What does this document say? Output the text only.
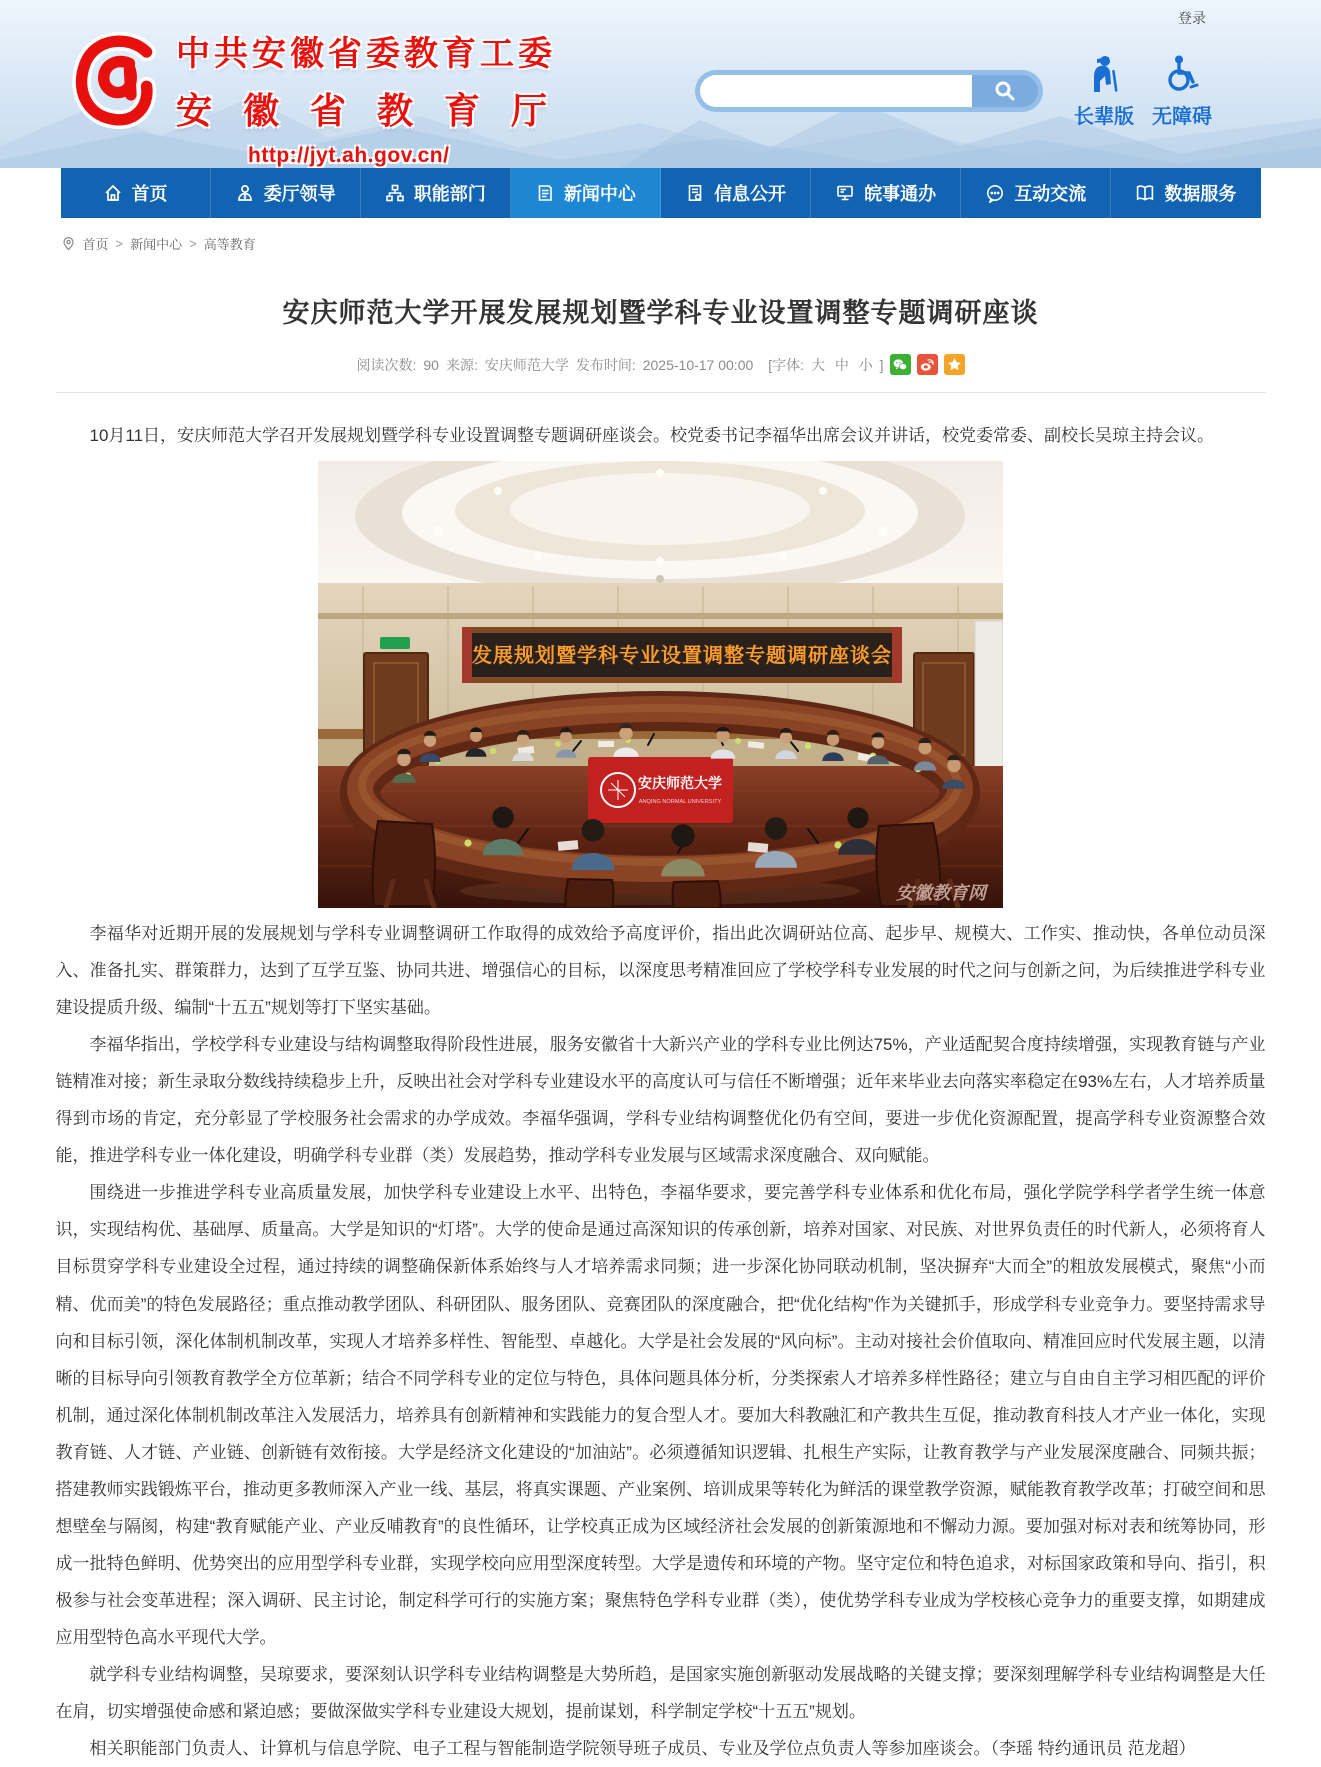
登录
中共安徽省委教育工委
安徽省教育厅
http://jyt.ah.gov.cn/
长辈版 无障碍
首页	委厅领导	职能部门	新闻中心	信息公开	皖事通办	互动交流	数据服务
首页 > 新闻中心 > 高等教育
安庆师范大学开展发展规划暨学科专业设置调整专题调研座谈
阅读次数: 90 来源: 安庆师范大学 发布时间: 2025-10-17 00:00 [字体: 大 中 小 ]

10月11日，安庆师范大学召开发展规划暨学科专业设置调整专题调研座谈会。校党委书记李福华出席会议并讲话，校党委常委、副校长吴琼主持会议。

发展规划暨学科专业设置调整专题调研座谈会
安庆师范大学
ANQING NORMAL UNIVERSITY
安徽教育网

李福华对近期开展的发展规划与学科专业调整调研工作取得的成效给予高度评价，指出此次调研站位高、起步早、规模大、工作实、推动快，各单位动员深入、准备扎实、群策群力，达到了互学互鉴、协同共进、增强信心的目标，以深度思考精准回应了学校学科专业发展的时代之问与创新之问，为后续推进学科专业建设提质升级、编制“十五五”规划等打下坚实基础。

李福华指出，学校学科专业建设与结构调整取得阶段性进展，服务安徽省十大新兴产业的学科专业比例达75%，产业适配契合度持续增强，实现教育链与产业链精准对接；新生录取分数线持续稳步上升，反映出社会对学科专业建设水平的高度认可与信任不断增强；近年来毕业去向落实率稳定在93%左右，人才培养质量得到市场的肯定，充分彰显了学校服务社会需求的办学成效。李福华强调，学科专业结构调整优化仍有空间，要进一步优化资源配置，提高学科专业资源整合效能，推进学科专业一体化建设，明确学科专业群（类）发展趋势，推动学科专业发展与区域需求深度融合、双向赋能。

围绕进一步推进学科专业高质量发展，加快学科专业建设上水平、出特色，李福华要求，要完善学科专业体系和优化布局，强化学院学科学者学生统一体意识，实现结构优、基础厚、质量高。大学是知识的“灯塔”。大学的使命是通过高深知识的传承创新，培养对国家、对民族、对世界负责任的时代新人，必须将育人目标贯穿学科专业建设全过程，通过持续的调整确保新体系始终与人才培养需求同频；进一步深化协同联动机制，坚决摒弃“大而全”的粗放发展模式，聚焦“小而精、优而美”的特色发展路径；重点推动教学团队、科研团队、服务团队、竞赛团队的深度融合，把“优化结构”作为关键抓手，形成学科专业竞争力。要坚持需求导向和目标引领，深化体制机制改革，实现人才培养多样性、智能型、卓越化。大学是社会发展的“风向标”。主动对接社会价值取向、精准回应时代发展主题，以清晰的目标导向引领教育教学全方位革新；结合不同学科专业的定位与特色，具体问题具体分析，分类探索人才培养多样性路径；建立与自由自主学习相匹配的评价机制，通过深化体制机制改革注入发展活力，培养具有创新精神和实践能力的复合型人才。要加大科教融汇和产教共生互促，推动教育科技人才产业一体化，实现教育链、人才链、产业链、创新链有效衔接。大学是经济文化建设的“加油站”。必须遵循知识逻辑、扎根生产实际，让教育教学与产业发展深度融合、同频共振；搭建教师实践锻炼平台，推动更多教师深入产业一线、基层，将真实课题、产业案例、培训成果等转化为鲜活的课堂教学资源，赋能教育教学改革；打破空间和思想壁垒与隔阂，构建“教育赋能产业、产业反哺教育”的良性循环，让学校真正成为区域经济社会发展的创新策源地和不懈动力源。要加强对标对表和统筹协同，形成一批特色鲜明、优势突出的应用型学科专业群，实现学校向应用型深度转型。大学是遗传和环境的产物。坚守定位和特色追求，对标国家政策和导向、指引，积极参与社会变革进程；深入调研、民主讨论，制定科学可行的实施方案；聚焦特色学科专业群（类），使优势学科专业成为学校核心竞争力的重要支撑，如期建成应用型特色高水平现代大学。

就学科专业结构调整，吴琼要求，要深刻认识学科专业结构调整是大势所趋，是国家实施创新驱动发展战略的关键支撑；要深刻理解学科专业结构调整是大任在肩，切实增强使命感和紧迫感；要做深做实学科专业建设大规划，提前谋划，科学制定学校“十五五”规划。

相关职能部门负责人、计算机与信息学院、电子工程与智能制造学院领导班子成员、专业及学位点负责人等参加座谈会。（李瑶 特约通讯员 范龙超）
